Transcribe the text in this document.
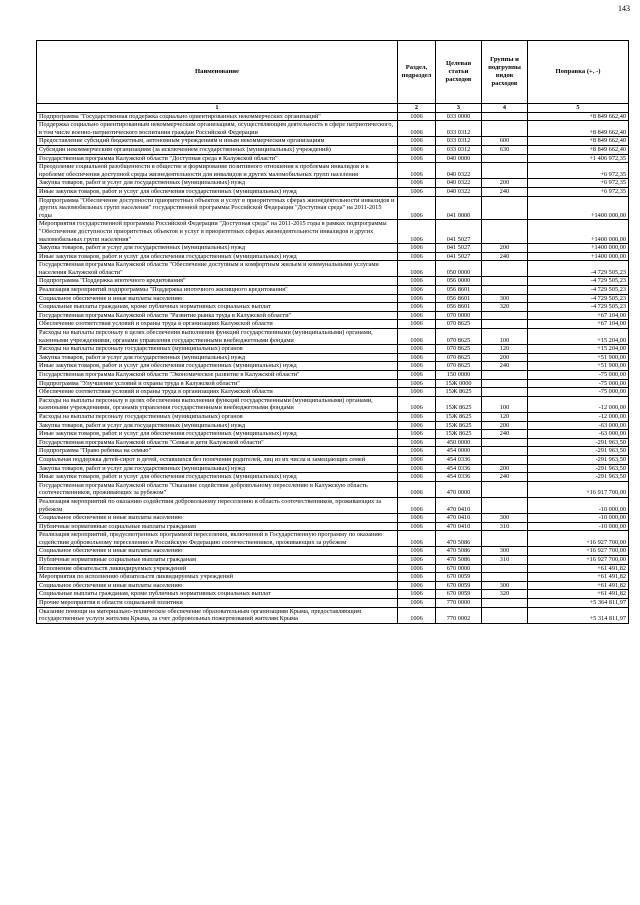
143
Наименование	Раздел, подраздел	Целевая статьи расходов	Группы и подгруппы видов расходов	Поправка (+, -)
1	2	3	4	5
Подпрограмма "Государственная поддержка социально ориентированных некоммерческих организаций"	1006	033 0000		+8 849 662,40
Поддержка социально ориентированным некоммерческим организациям, осуществляющим деятельность в сфере патриотического, в том числе военно-патриотического воспитания граждан Российской Федерации	1006	033 0312		+8 849 662,40
Предоставление субсидий бюджетным, автономным учреждениям и иным некоммерческим организациям	1006	033 0312	600	+8 849 662,40
Субсидии некоммерческим организациям (за исключением государственных (муниципальных) учреждений)	1006	033 0312	630	+8 849 662,40
Государственная программа Калужской области "Доступная среда в Калужской области"	1006	040 0000		+1 406 972,35
Преодоление социальной разобщенности в обществе и формирование позитивного отношения к проблемам инвалидов и к проблеме обеспечения доступной среды жизнедеятельности для инвалидов и других маломобильных групп населения	1006	040 0322		+6 972,35
Закупка товаров, работ и услуг для государственных (муниципальных) нужд	1006	040 0322	200	+6 972,35
Иные закупки товаров, работ и услуг для обеспечения государственных (муниципальных) нужд	1006	040 0322	240	+6 972,35
Подпрограмма "Обеспечение доступности приоритетных объектов и услуг в приоритетных сферах жизнедеятельности инвалидов и других маломобильных групп населения" государственной программы Российской Федерации "Доступная среда" на 2011-2015 годы	1006	041 0000		+1400 000,00
Мероприятия государственной программы Российской Федерации "Доступная среда" на 2011-2015 годы в рамках подпрограммы "Обеспечение доступности приоритетных объектов и услуг в приоритетных сферах жизнедеятельности инвалидов и других маломобильных групп населения"	1006	041 5027		+1400 000,00
Закупка товаров, работ и услуг для государственных (муниципальных) нужд	1006	041 5027	200	+1400 000,00
Иные закупки товаров, работ и услуг для обеспечения государственных (муниципальных) нужд	1006	041 5027	240	+1400 000,00
Государственная программа Калужской области "Обеспечение доступным и комфортным жильем и коммунальными услугами населения Калужской области"	1006	050 0000		-4 729 505,23
Подпрограмма "Поддержка ипотечного кредитования"	1006	056 0000		-4 729 505,23
Реализация мероприятий подпрограммы "Поддержка ипотечного жилищного кредитования"	1006	056 8601		-4 729 505,23
Социальное обеспечение и иные выплаты населению	1006	056 8601	300	-4 729 505,23
Социальные выплаты гражданам, кроме публичных нормативных социальных выплат	1006	056 8601	320	-4 729 505,23
Государственная программа Калужской области "Развитие рынка труда в Калужской области"	1006	070 0000		+67 104,00
Обеспечение соответствия условий и охраны труда в организациях Калужской области	1006	070 8625		+67 104,00
Расходы на выплаты персоналу в целях обеспечения выполнения функций государственными (муниципальными) органами, казенными учреждениями, органами управления государственными внебюджетными фондами	1006	070 8625	100	+15 204,00
Расходы на выплаты персоналу государственных (муниципальных) органов	1006	070 8625	120	+15 204,00
Закупка товаров, работ и услуг для государственных (муниципальных) нужд	1006	070 8625	200	+51 900,00
Иные закупки товаров, работ и услуг для обеспечения государственных (муниципальных) нужд	1006	070 8625	240	+51 900,00
Государственная программа Калужской области "Экономическое развитие в Калужской области"	1006	150 0000		-75 000,00
Подпрограмма "Улучшение условий и охраны труда в Калужской области"	1006	15Ж 0000		-75 000,00
Обеспечение соответствия условий и охраны труда в организациях Калужской области	1006	15Ж 8625		-75 000,00
Расходы на выплаты персоналу в целях обеспечения выполнения функций государственными (муниципальными) органами, казенными учреждениями, органами управления государственными внебюджетными фондами	1006	15Ж 8625	100	-12 000,00
Расходы на выплаты персоналу государственных (муниципальных) органов	1006	15Ж 8625	120	-12 000,00
Закупка товаров, работ и услуг для государственных (муниципальных) нужд	1006	15Ж 8625	200	-63 000,00
Иные закупки товаров, работ и услуг для обеспечения государственных (муниципальных) нужд	1006	15Ж 8625	240	-63 000,00
Государственная программа Калужской области "Семья и дети Калужской области"	1006	450 0000		-291 963,50
Подпрограмма "Право ребенка на семью"	1006	454 0000		-291 963,50
Социальная поддержка детей-сирот и детей, оставшихся без попечения родителей, лиц из их числа и замещающих семей	1006	454 0336		-291 963,50
Закупка товаров, работ и услуг для государственных (муниципальных) нужд	1006	454 0336	200	-291 963,50
Иные закупки товаров, работ и услуг для обеспечения государственных (муниципальных) нужд	1006	454 0336	240	-291 963,50
Государственная программа Калужской области "Оказание содействия добровольному переселению в Калужскую область соотечественников, проживающих за рубежом"	1006	470 0000		+16 917 700,00
Реализация мероприятий по оказанию содействия добровольному переселению в область соотечественников, проживающих за рубежом	1006	470 0410		-10 000,00
Социальное обеспечение и иные выплаты населению	1006	470 0410	300	-10 000,00
Публичные нормативные социальные выплаты гражданам	1006	470 0410	310	-10 000,00
Реализация мероприятий, предусмотренных программой переселения, включенной в Государственную программу по оказанию содействия добровольному переселению в Российскую Федерацию соотечественников, проживающих за рубежом	1006	470 5086		+16 927 700,00
Социальное обеспечение и иные выплаты населению	1006	470 5086	300	+16 927 700,00
Публичные нормативные социальные выплаты гражданам	1006	470 5086	310	+16 927 700,00
Исполнение обязательств ликвидируемых учреждений	1006	670 0000		+61 491,82
Мероприятия по исполнению обязательств ликвидируемых учреждений	1006	670 0059		+61 491,82
Социальное обеспечение и иные выплаты населению	1006	670 0059	300	+61 491,82
Социальные выплаты гражданам, кроме публичных нормативных социальных выплат	1006	670 0059	320	+61 491,82
Прочие мероприятия в области социальной политики	1006	770 0000		+5 364 811,97
Оказание помощи на материально-техническое обеспечение образовательным организациям Крыма, предоставляющим государственные услуги жителям Крыма, за счет добровольных пожертвований жителям Крыма	1006	770 0002		+5 314 811,97
